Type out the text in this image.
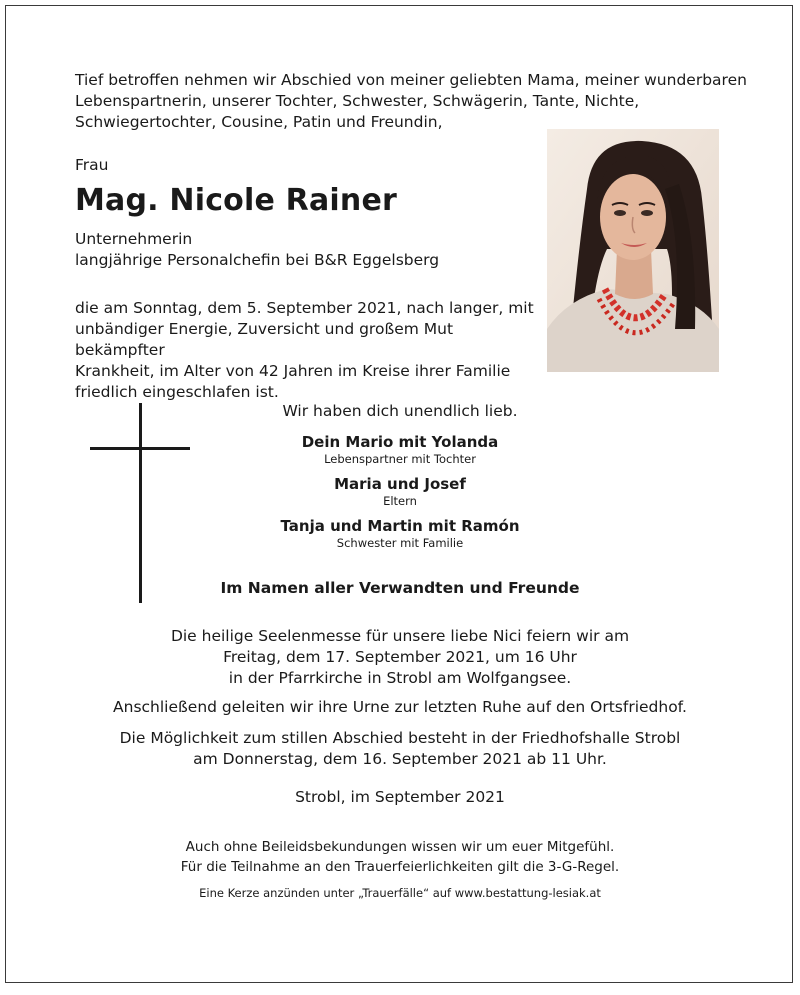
Tief betroffen nehmen wir Abschied von meiner geliebten Mama, meiner wunderbaren
Lebenspartnerin, unserer Tochter, Schwester, Schwägerin, Tante, Nichte,
Schwiegertochter, Cousine, Patin und Freundin,
Frau
Mag. Nicole Rainer
Unternehmerin
langjährige Personalchefin bei B&R Eggelsberg
die am Sonntag, dem 5. September 2021, nach langer, mit
unbändiger Energie, Zuversicht und großem Mut bekämpfter
Krankheit, im Alter von 42 Jahren im Kreise ihrer Familie
friedlich eingeschlafen ist.
Wir haben dich unendlich lieb.
Dein Mario mit Yolanda
Lebenspartner mit Tochter
Maria und Josef
Eltern
Tanja und Martin mit Ramón
Schwester mit Familie
Im Namen aller Verwandten und Freunde
Die heilige Seelenmesse für unsere liebe Nici feiern wir am
Freitag, dem 17. September 2021, um 16 Uhr
in der Pfarrkirche in Strobl am Wolfgangsee.
Anschließend geleiten wir ihre Urne zur letzten Ruhe auf den Ortsfriedhof.
Die Möglichkeit zum stillen Abschied besteht in der Friedhofshalle Strobl
am Donnerstag, dem 16. September 2021 ab 11 Uhr.
Strobl, im September 2021
Auch ohne Beileidsbekundungen wissen wir um euer Mitgefühl.
Für die Teilnahme an den Trauerfeierlichkeiten gilt die 3-G-Regel.
Eine Kerze anzünden unter „Trauerfälle“ auf www.bestattung-lesiak.at
